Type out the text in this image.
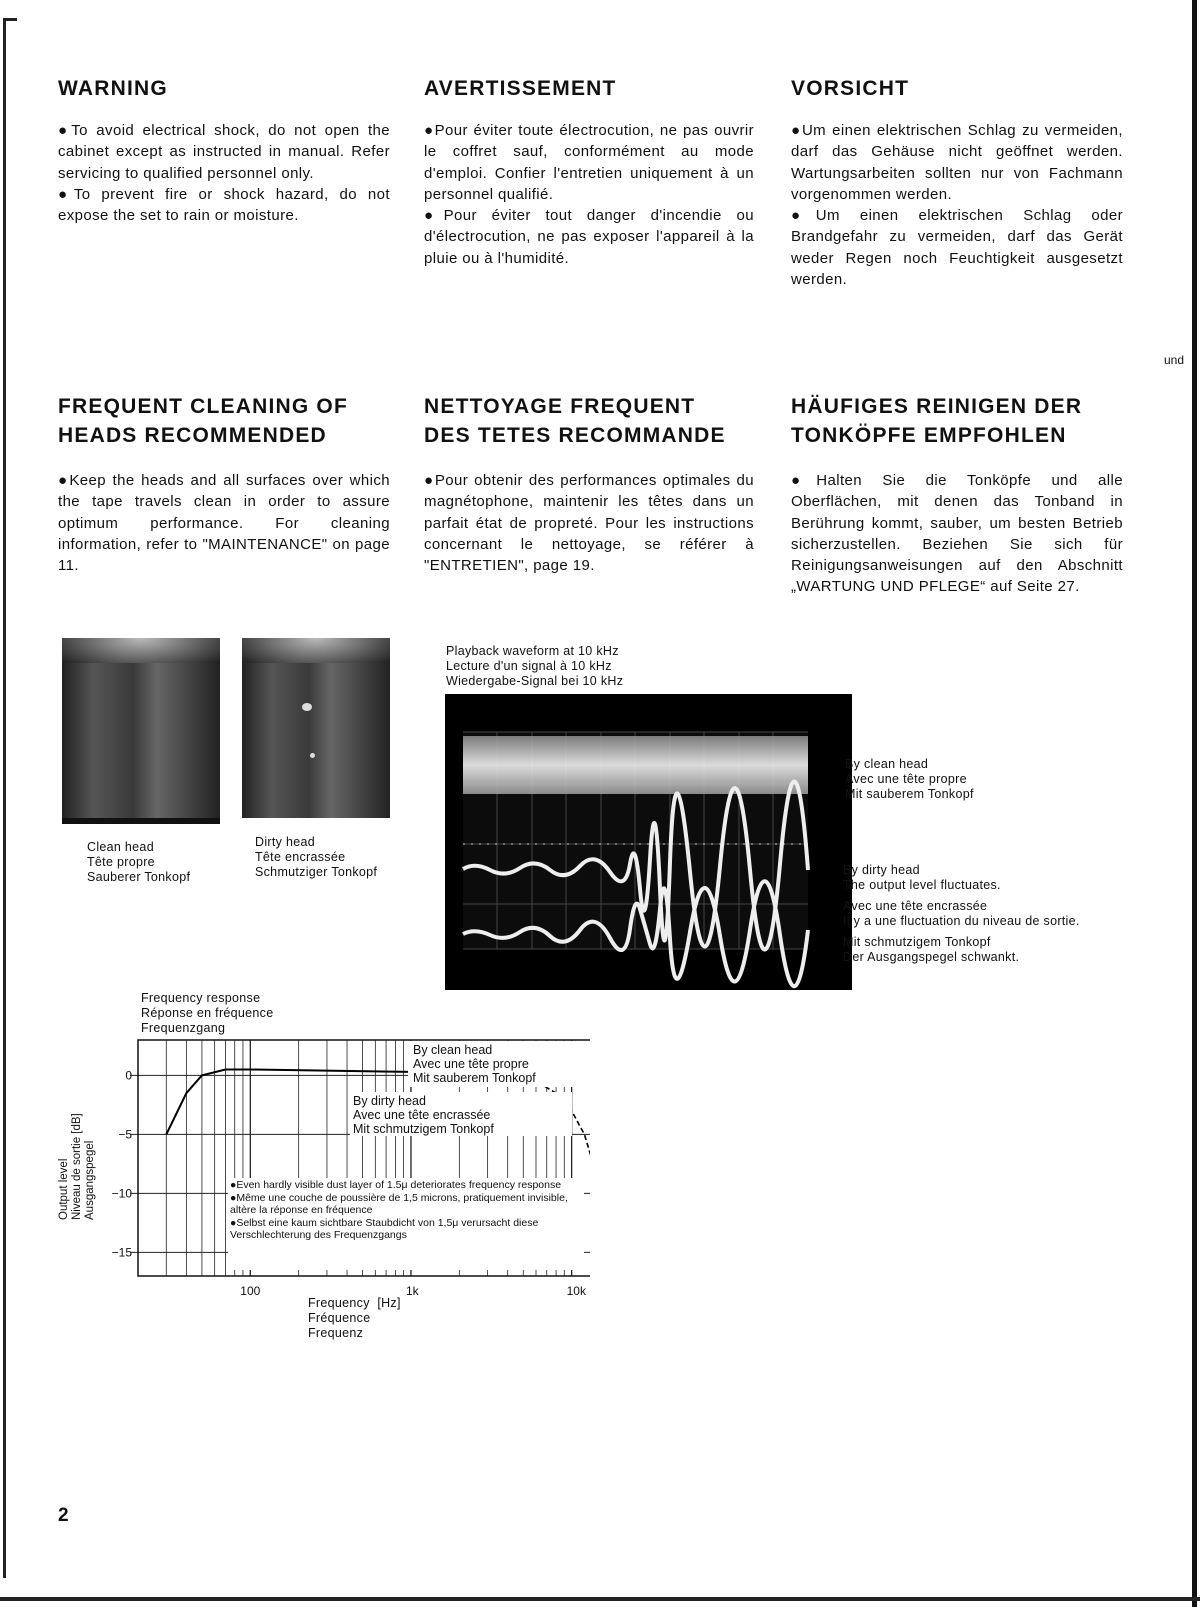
WARNING

●To avoid electrical shock, do not open the cabinet except as instructed in manual. Refer servicing to qualified personnel only.

●To prevent fire or shock hazard, do not expose the set to rain or moisture.

AVERTISSEMENT

●Pour éviter toute électrocution, ne pas ouvrir le coffret sauf, conformément au mode d'emploi. Confier l'entretien uniquement à un personnel qualifié.

●Pour éviter tout danger d'incendie ou d'électrocution, ne pas exposer l'appareil à la pluie ou à l'humidité.

VORSICHT

●Um einen elektrischen Schlag zu vermeiden, darf das Gehäuse nicht geöffnet werden. Wartungsarbeiten sollten nur von Fachmann vorgenommen werden.

●Um einen elektrischen Schlag oder Brandgefahr zu vermeiden, darf das Gerät weder Regen noch Feuchtigkeit ausgesetzt werden.

und
FREQUENT CLEANING OF
HEADS RECOMMENDED
●Keep the heads and all surfaces over which the tape travels clean in order to assure optimum performance. For cleaning information, refer to "MAINTENANCE" on page 11.
NETTOYAGE FREQUENT
DES TETES RECOMMANDE
●Pour obtenir des performances optimales du magnétophone, maintenir les têtes dans un parfait état de propreté. Pour les instructions concernant le nettoyage, se référer à "ENTRETIEN", page 19.
HÄUFIGES REINIGEN DER
TONKÖPFE EMPFOHLEN
●Halten Sie die Tonköpfe und alle Oberflächen, mit denen das Tonband in Berührung kommt, sauber, um besten Betrieb sicherzustellen. Beziehen Sie sich für Reinigungsanweisungen auf den Abschnitt „WARTUNG UND PFLEGE“ auf Seite 27.
Clean head
Tête propre
Sauberer Tonkopf
Dirty head
Tête encrassée
Schmutziger Tonkopf
Playback waveform at 10 kHz
Lecture d'un signal à 10 kHz
Wiedergabe-Signal bei 10 kHz
By clean head
Avec une tête propre
Mit sauberem Tonkopf
By dirty head
The output level fluctuates.
Avec une tête encrassée
Il y a une fluctuation du niveau de sortie.
Mit schmutzigem Tonkopf
Der Ausgangspegel schwankt.
Frequency response
Réponse en fréquence
Frequenzgang
100	1k	10k
0
−5
−10
−15
By clean head
Avec une tête propre
Mit sauberem Tonkopf
By dirty head
Avec une tête encrassée
Mit schmutzigem Tonkopf
●Even hardly visible dust layer of 1.5μ deteriorates frequency response
●Même une couche de poussière de 1,5 microns, pratiquement invisible, altère la réponse en fréquence
●Selbst eine kaum sichtbare Staubdicht von 1,5μ verursacht diese Verschlechterung des Frequenzgangs
Output level Niveau de sortie [dB] Ausgangspegel
Frequency [Hz]
Fréquence
Frequenz
2
